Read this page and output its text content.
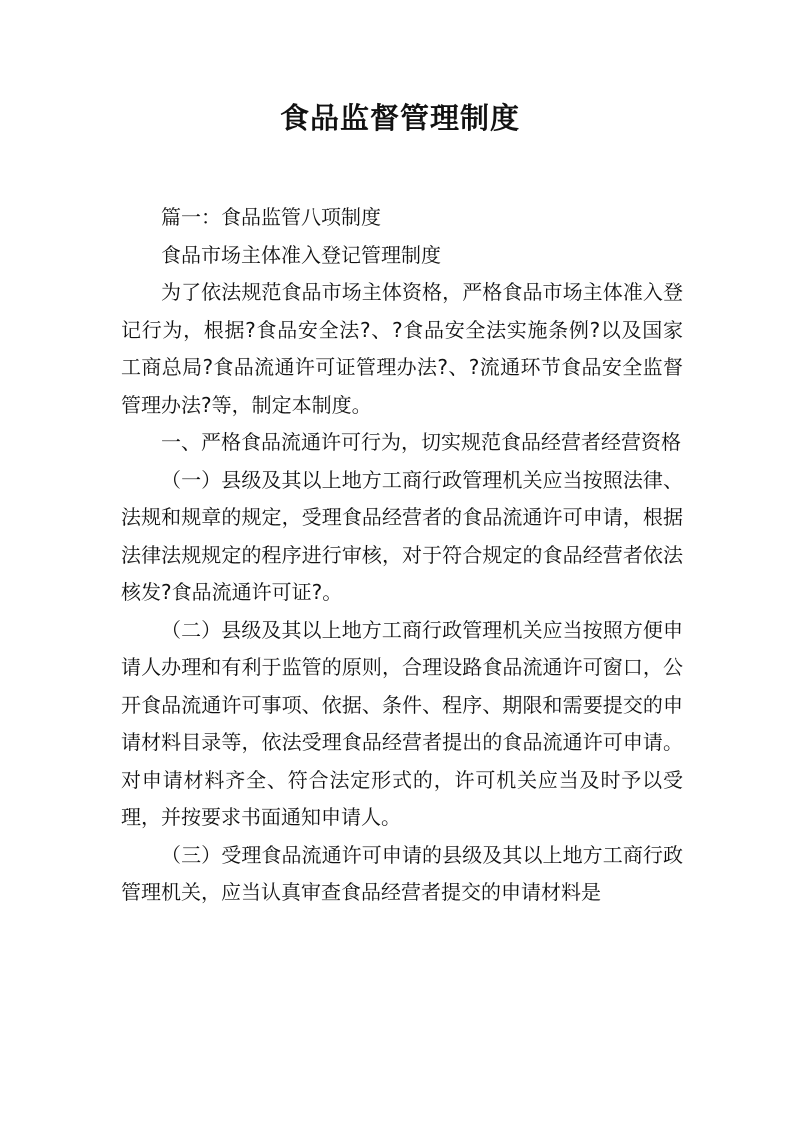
食品监督管理制度

篇一：食品监管八项制度

食品市场主体准入登记管理制度

为了依法规范食品市场主体资格，严格食品市场主体准入登记行为，根据?食品安全法?、?食品安全法实施条例?以及国家工商总局?食品流通许可证管理办法?、?流通环节食品安全监督管理办法?等，制定本制度。

一、严格食品流通许可行为，切实规范食品经营者经营资格

（一）县级及其以上地方工商行政管理机关应当按照法律、法规和规章的规定，受理食品经营者的食品流通许可申请，根据法律法规规定的程序进行审核，对于符合规定的食品经营者依法核发?食品流通许可证?。

（二）县级及其以上地方工商行政管理机关应当按照方便申请人办理和有利于监管的原则，合理设路食品流通许可窗口，公开食品流通许可事项、依据、条件、程序、期限和需要提交的申请材料目录等，依法受理食品经营者提出的食品流通许可申请。对申请材料齐全、符合法定形式的，许可机关应当及时予以受理，并按要求书面通知申请人。

（三）受理食品流通许可申请的县级及其以上地方工商行政管理机关，应当认真审查食品经营者提交的申请材料是
